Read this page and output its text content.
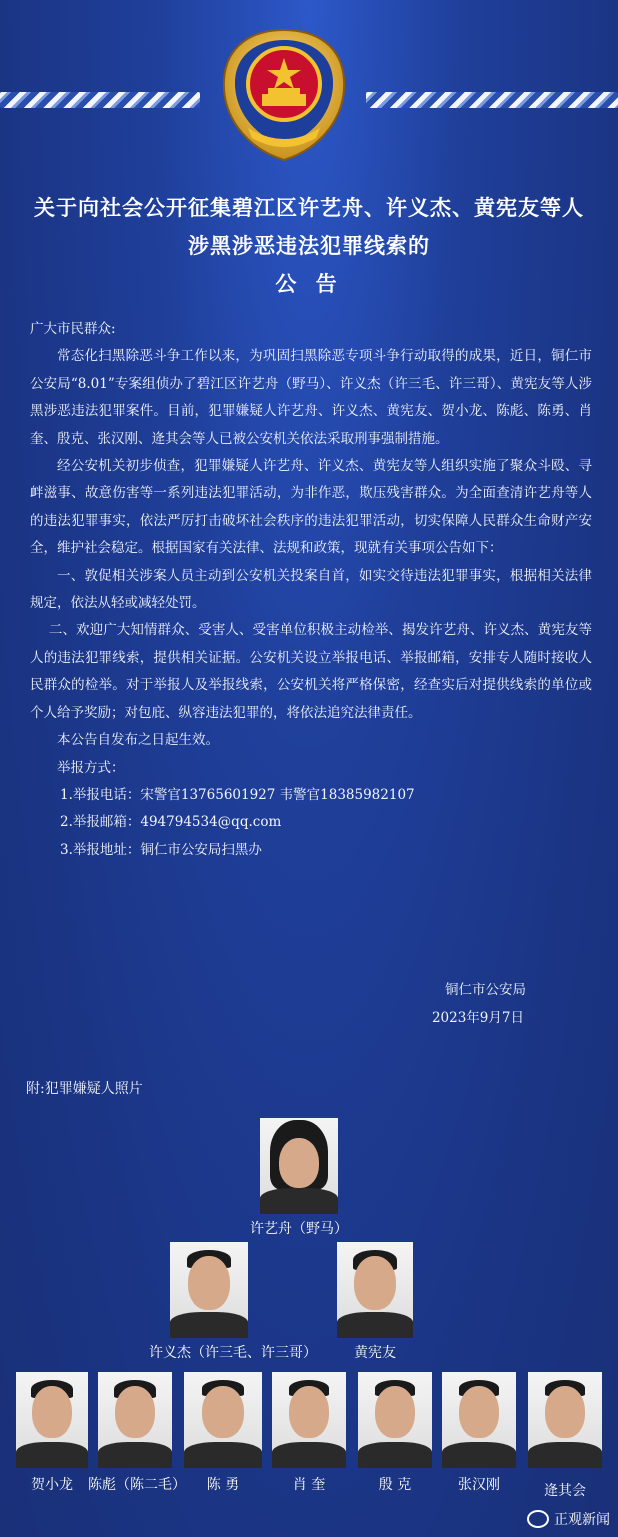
关于向社会公开征集碧江区许艺舟、许义杰、黄宪友等人
涉黑涉恶违法犯罪线索的
公 告

广大市民群众:

常态化扫黑除恶斗争工作以来，为巩固扫黑除恶专项斗争行动取得的成果，近日，铜仁市公安局“8.01”专案组侦办了碧江区许艺舟（野马）、许义杰（许三毛、许三哥）、黄宪友等人涉黑涉恶违法犯罪案件。目前，犯罪嫌疑人许艺舟、许义杰、黄宪友、贺小龙、陈彪、陈勇、肖奎、殷克、张汉刚、逄其会等人已被公安机关依法采取刑事强制措施。

经公安机关初步侦查，犯罪嫌疑人许艺舟、许义杰、黄宪友等人组织实施了聚众斗殴、寻衅滋事、故意伤害等一系列违法犯罪活动，为非作恶，欺压残害群众。为全面查清许艺舟等人的违法犯罪事实，依法严厉打击破坏社会秩序的违法犯罪活动，切实保障人民群众生命财产安全，维护社会稳定。根据国家有关法律、法规和政策，现就有关事项公告如下：

一、敦促相关涉案人员主动到公安机关投案自首，如实交待违法犯罪事实，根据相关法律规定，依法从轻或减轻处罚。

二、欢迎广大知情群众、受害人、受害单位积极主动检举、揭发许艺舟、许义杰、黄宪友等人的违法犯罪线索，提供相关证据。公安机关设立举报电话、举报邮箱，安排专人随时接收人民群众的检举。对于举报人及举报线索，公安机关将严格保密，经查实后对提供线索的单位或个人给予奖励；对包庇、纵容违法犯罪的，将依法追究法律责任。

本公告自发布之日起生效。

举报方式：

1.举报电话：宋警官13765601927 韦警官18385982107

2.举报邮箱：494794534@qq.com

3.举报地址：铜仁市公安局扫黑办

铜仁市公安局
2023年9月7日
附:犯罪嫌疑人照片
许艺舟（野马）
许义杰（许三毛、许三哥）	黄宪友
贺小龙	陈彪（陈二毛）	陈 勇	肖 奎	殷 克	张汉刚	逄其会
正观新闻
